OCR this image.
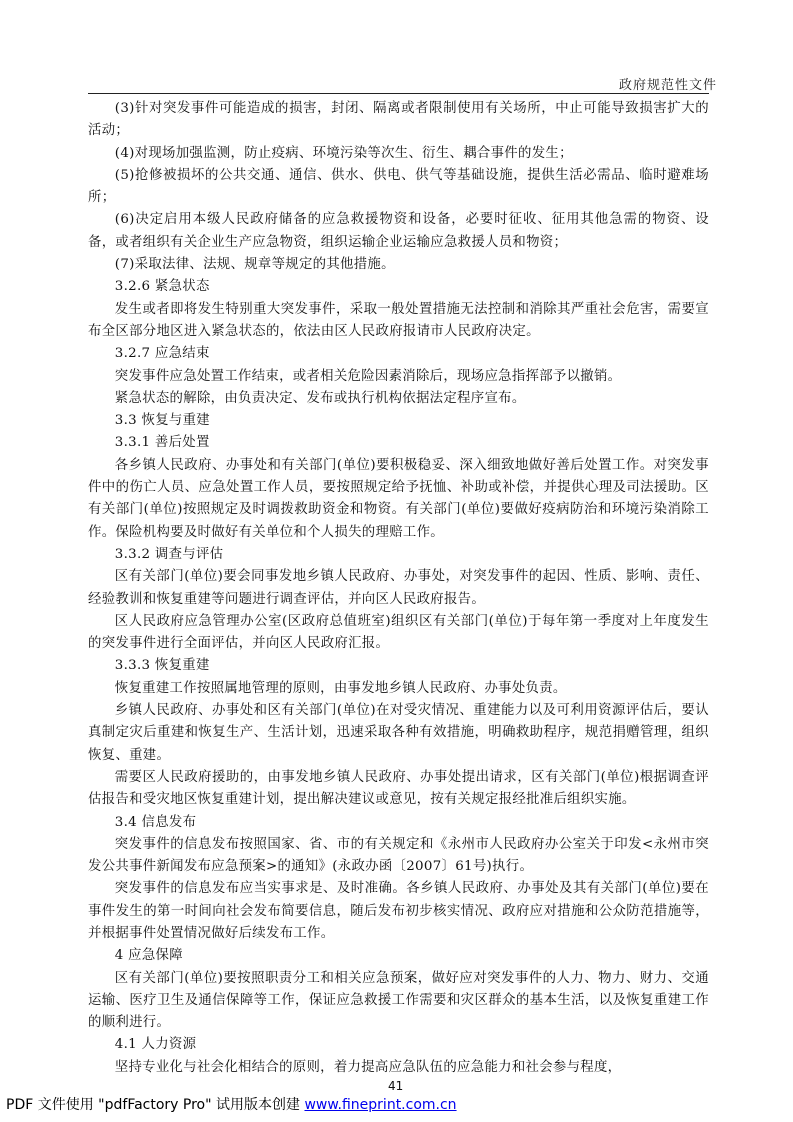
政府规范性文件

(3)针对突发事件可能造成的损害，封闭、隔离或者限制使用有关场所，中止可能导致损害扩大的活动；

(4)对现场加强监测，防止疫病、环境污染等次生、衍生、耦合事件的发生；

(5)抢修被损坏的公共交通、通信、供水、供电、供气等基础设施，提供生活必需品、临时避难场所；

(6)决定启用本级人民政府储备的应急救援物资和设备，必要时征收、征用其他急需的物资、设备，或者组织有关企业生产应急物资，组织运输企业运输应急救援人员和物资；

(7)采取法律、法规、规章等规定的其他措施。

3.2.6 紧急状态

发生或者即将发生特别重大突发事件，采取一般处置措施无法控制和消除其严重社会危害，需要宣布全区部分地区进入紧急状态的，依法由区人民政府报请市人民政府决定。

3.2.7 应急结束

突发事件应急处置工作结束，或者相关危险因素消除后，现场应急指挥部予以撤销。

紧急状态的解除，由负责决定、发布或执行机构依据法定程序宣布。

3.3 恢复与重建

3.3.1 善后处置

各乡镇人民政府、办事处和有关部门(单位)要积极稳妥、深入细致地做好善后处置工作。对突发事件中的伤亡人员、应急处置工作人员，要按照规定给予抚恤、补助或补偿，并提供心理及司法援助。区有关部门(单位)按照规定及时调拨救助资金和物资。有关部门(单位)要做好疫病防治和环境污染消除工作。保险机构要及时做好有关单位和个人损失的理赔工作。

3.3.2 调查与评估

区有关部门(单位)要会同事发地乡镇人民政府、办事处，对突发事件的起因、性质、影响、责任、经验教训和恢复重建等问题进行调查评估，并向区人民政府报告。

区人民政府应急管理办公室(区政府总值班室)组织区有关部门(单位)于每年第一季度对上年度发生的突发事件进行全面评估，并向区人民政府汇报。

3.3.3 恢复重建

恢复重建工作按照属地管理的原则，由事发地乡镇人民政府、办事处负责。

乡镇人民政府、办事处和区有关部门(单位)在对受灾情况、重建能力以及可利用资源评估后，要认真制定灾后重建和恢复生产、生活计划，迅速采取各种有效措施，明确救助程序，规范捐赠管理，组织恢复、重建。

需要区人民政府援助的，由事发地乡镇人民政府、办事处提出请求，区有关部门(单位)根据调查评估报告和受灾地区恢复重建计划，提出解决建议或意见，按有关规定报经批准后组织实施。

3.4 信息发布

突发事件的信息发布按照国家、省、市的有关规定和《永州市人民政府办公室关于印发<永州市突发公共事件新闻发布应急预案>的通知》(永政办函〔2007〕61号)执行。

突发事件的信息发布应当实事求是、及时准确。各乡镇人民政府、办事处及其有关部门(单位)要在事件发生的第一时间向社会发布简要信息，随后发布初步核实情况、政府应对措施和公众防范措施等，并根据事件处置情况做好后续发布工作。

4 应急保障

区有关部门(单位)要按照职责分工和相关应急预案，做好应对突发事件的人力、物力、财力、交通运输、医疗卫生及通信保障等工作，保证应急救援工作需要和灾区群众的基本生活，以及恢复重建工作的顺利进行。

4.1 人力资源

坚持专业化与社会化相结合的原则，着力提高应急队伍的应急能力和社会参与程度，

41
PDF 文件使用 "pdfFactory Pro" 试用版本创建 www.fineprint.com.cn
